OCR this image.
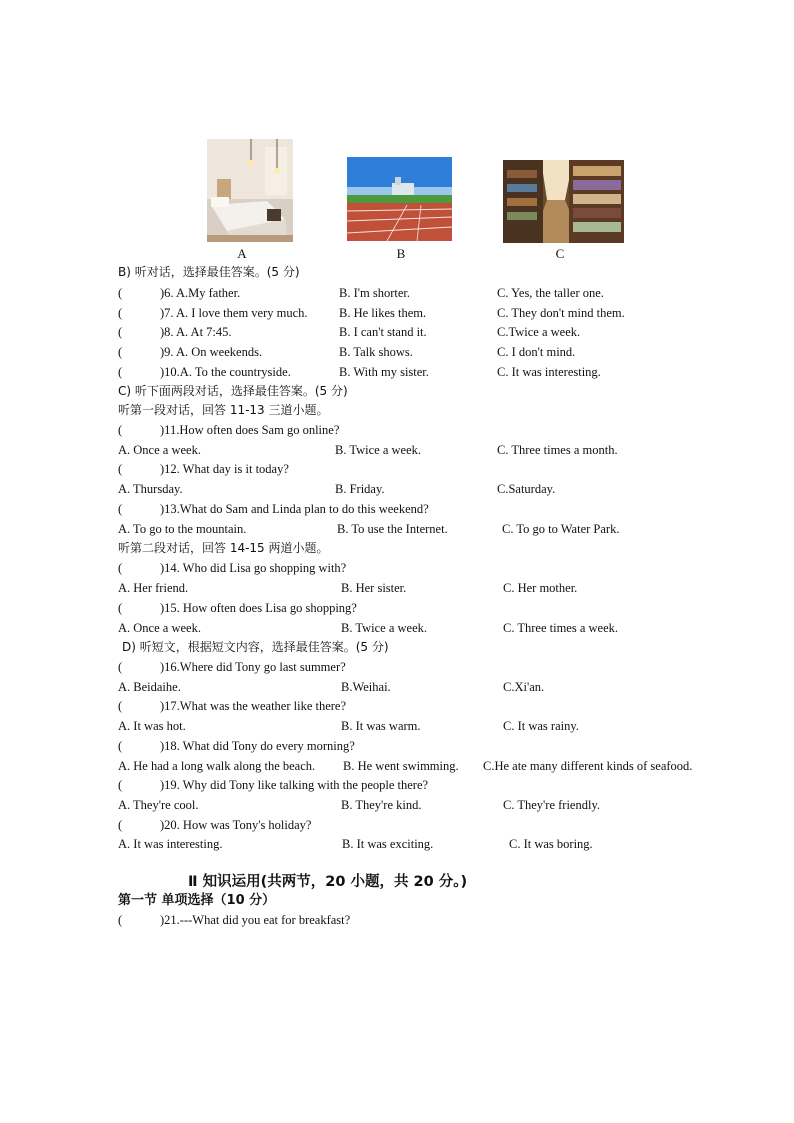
A	B	C
B) 听对话，选择最佳答案。(5 分)
(	)6. A.My father.	B. I'm shorter.	C. Yes, the taller one.
(	)7. A. I love them very much.	B. He likes them.	C. They don't mind them.
(	)8. A. At 7:45.	B. I can't stand it.	C.Twice a week.
(	)9. A. On weekends.	B. Talk shows.	C. I don't mind.
(	)10.A. To the countryside.	B. With my sister.	C. It was interesting.
C) 听下面两段对话，选择最佳答案。(5 分)
听第一段对话，回答 11-13 三道小题。
(	)11.How often does Sam go online?
A. Once a week.	B. Twice a week.	C. Three times a month.
(	)12. What day is it today?
A. Thursday.	B. Friday.	C.Saturday.
(	)13.What do Sam and Linda plan to do this weekend?
A. To go to the mountain.	B. To use the Internet.	C. To go to Water Park.
听第二段对话，回答 14-15 两道小题。
(	)14. Who did Lisa go shopping with?
A. Her friend.	B. Her sister.	C. Her mother.
(	)15. How often does Lisa go shopping?
A. Once a week.	B. Twice a week.	C. Three times a week.
D) 听短文，根据短文内容，选择最佳答案。(5 分)
(	)16.Where did Tony go last summer?
A. Beidaihe.	B.Weihai.	C.Xi'an.
(	)17.What was the weather like there?
A. It was hot.	B. It was warm.	C. It was rainy.
(	)18. What did Tony do every morning?
A. He had a long walk along the beach. B. He went swimming. C.He ate many different kinds of seafood.
(	)19. Why did Tony like talking with the people there?
A. They're cool.	B. They're kind.	C. They're friendly.
(	)20. How was Tony's holiday?
A. It was interesting.	B. It was exciting.	C. It was boring.
Ⅱ 知识运用(共两节，20 小题，共 20 分。)
第一节 单项选择（10 分）
(	)21.---What did you eat for breakfast?
